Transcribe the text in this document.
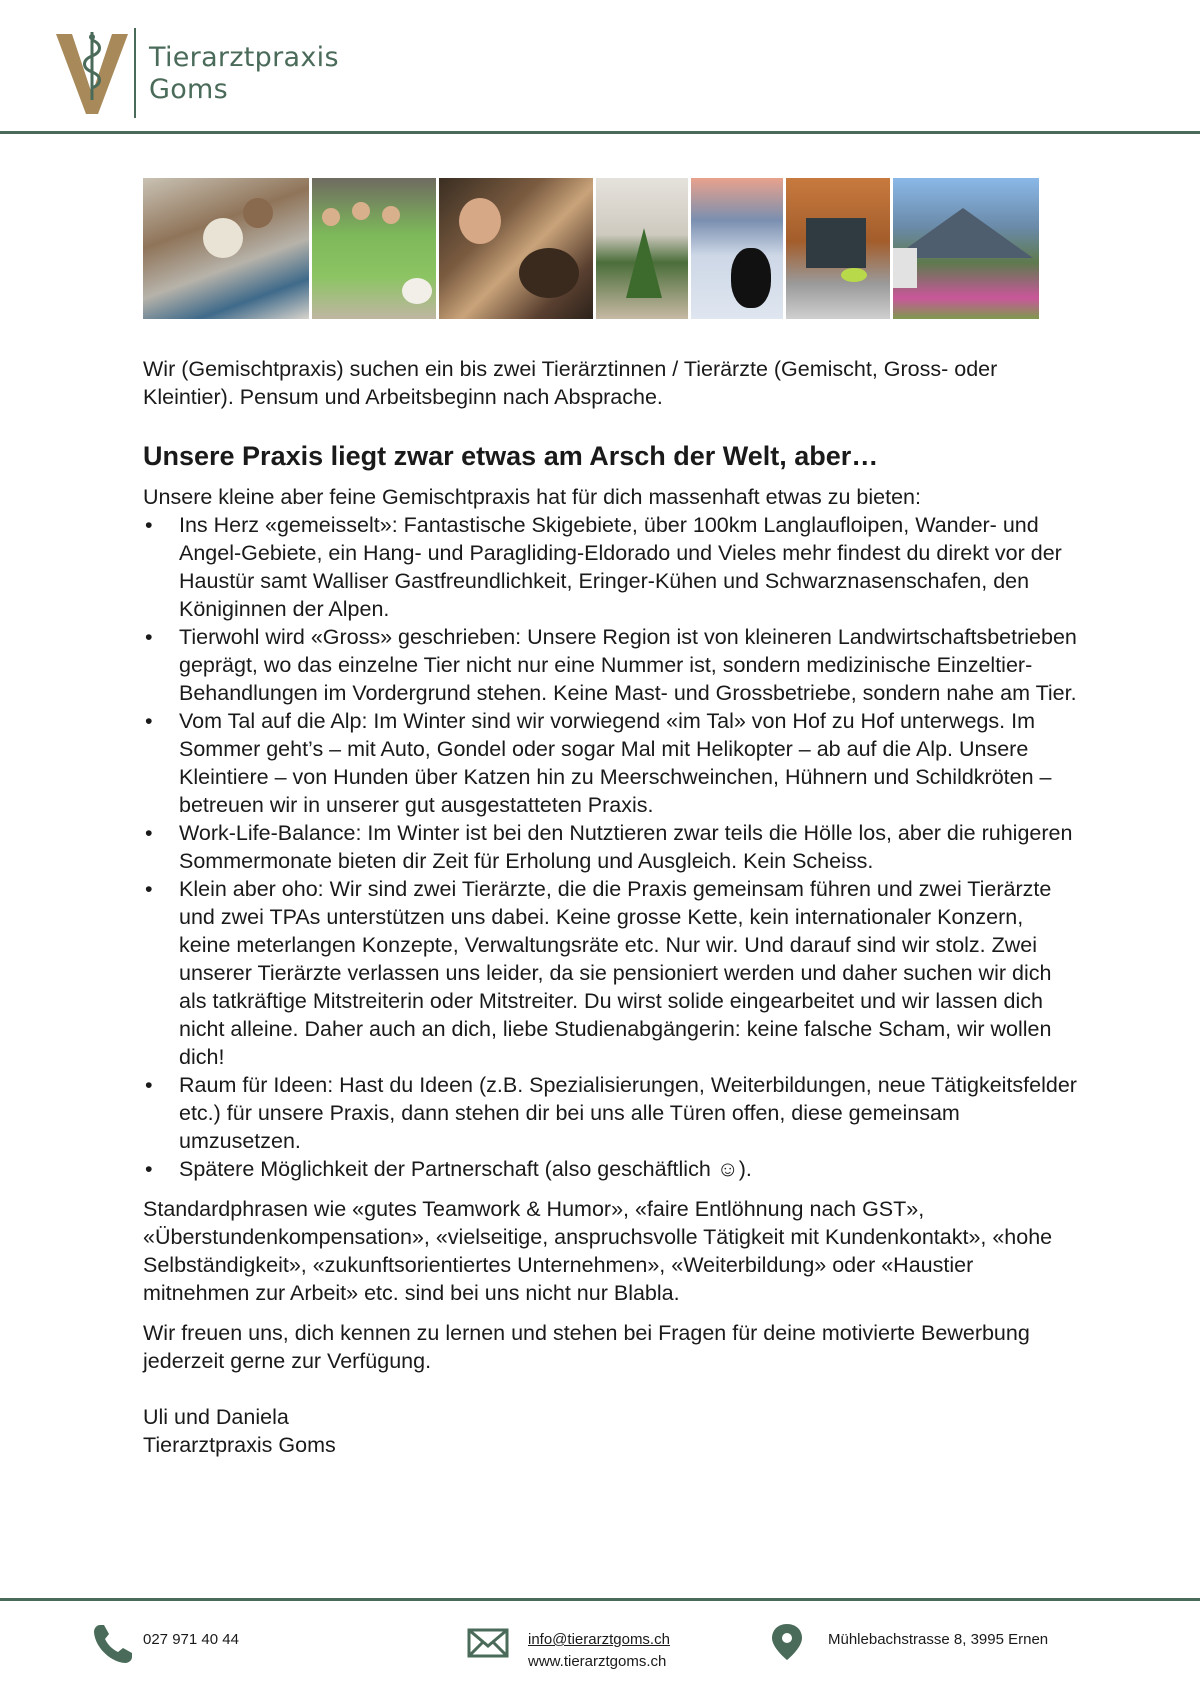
Tierarztpraxis
Goms

Wir (Gemischtpraxis) suchen ein bis zwei Tierärztinnen / Tierärzte (Gemischt, Gross- oder Kleintier). Pensum und Arbeitsbeginn nach Absprache.

Unsere Praxis liegt zwar etwas am Arsch der Welt, aber…

Unsere kleine aber feine Gemischtpraxis hat für dich massenhaft etwas zu bieten:

• Ins Herz «gemeisselt»: Fantastische Skigebiete, über 100km Langlaufloipen, Wander- und Angel-Gebiete, ein Hang- und Paragliding-Eldorado und Vieles mehr findest du direkt vor der Haustür samt Walliser Gastfreundlichkeit, Eringer-Kühen und Schwarznasenschafen, den Königinnen der Alpen.
• Tierwohl wird «Gross» geschrieben: Unsere Region ist von kleineren Landwirtschaftsbetrieben geprägt, wo das einzelne Tier nicht nur eine Nummer ist, sondern medizinische Einzeltier-Behandlungen im Vordergrund stehen. Keine Mast- und Grossbetriebe, sondern nahe am Tier.
• Vom Tal auf die Alp: Im Winter sind wir vorwiegend «im Tal» von Hof zu Hof unterwegs. Im Sommer geht’s – mit Auto, Gondel oder sogar Mal mit Helikopter – ab auf die Alp. Unsere Kleintiere – von Hunden über Katzen hin zu Meerschweinchen, Hühnern und Schildkröten – betreuen wir in unserer gut ausgestatteten Praxis.
• Work-Life-Balance: Im Winter ist bei den Nutztieren zwar teils die Hölle los, aber die ruhigeren Sommermonate bieten dir Zeit für Erholung und Ausgleich. Kein Scheiss.
• Klein aber oho: Wir sind zwei Tierärzte, die die Praxis gemeinsam führen und zwei Tierärzte und zwei TPAs unterstützen uns dabei. Keine grosse Kette, kein internationaler Konzern, keine meterlangen Konzepte, Verwaltungsräte etc. Nur wir. Und darauf sind wir stolz. Zwei unserer Tierärzte verlassen uns leider, da sie pensioniert werden und daher suchen wir dich als tatkräftige Mitstreiterin oder Mitstreiter. Du wirst solide eingearbeitet und wir lassen dich nicht alleine. Daher auch an dich, liebe Studienabgängerin: keine falsche Scham, wir wollen dich!
• Raum für Ideen: Hast du Ideen (z.B. Spezialisierungen, Weiterbildungen, neue Tätigkeitsfelder etc.) für unsere Praxis, dann stehen dir bei uns alle Türen offen, diese gemeinsam umzusetzen.
• Spätere Möglichkeit der Partnerschaft (also geschäftlich ☺).

Standardphrasen wie «gutes Teamwork & Humor», «faire Entlöhnung nach GST», «Überstundenkompensation», «vielseitige, anspruchsvolle Tätigkeit mit Kundenkontakt», «hohe Selbständigkeit», «zukunftsorientiertes Unternehmen», «Weiterbildung» oder «Haustier mitnehmen zur Arbeit» etc. sind bei uns nicht nur Blabla.

Wir freuen uns, dich kennen zu lernen und stehen bei Fragen für deine motivierte Bewerbung jederzeit gerne zur Verfügung.

Uli und Daniela
Tierarztpraxis Goms
027 971 40 44	info@tierarztgoms.ch
www.tierarztgoms.ch
Mühlebachstrasse 8, 3995 Ernen
